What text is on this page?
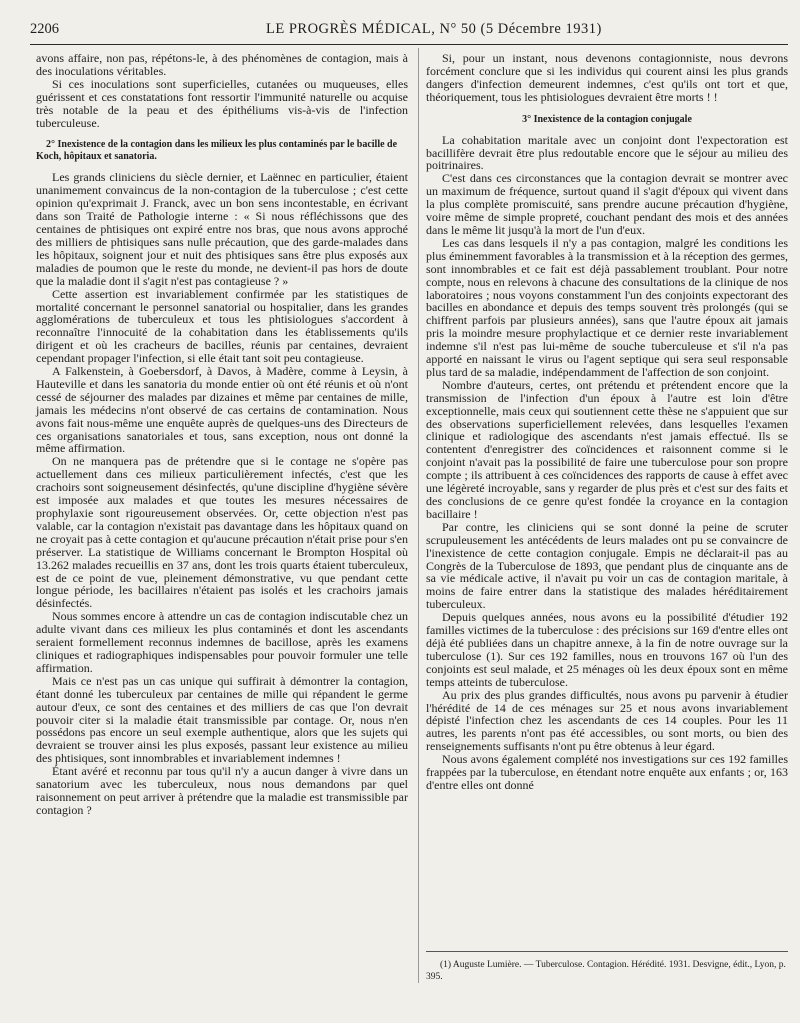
2206	LE PROGRÈS MÉDICAL, N° 50 (5 Décembre 1931)

avons affaire, non pas, répétons-le, à des phénomènes de contagion, mais à des inoculations véritables.

Si ces inoculations sont superficielles, cutanées ou muqueuses, elles guérissent et ces constatations font ressortir l'immunité naturelle ou acquise très notable de la peau et des épithéliums vis-à-vis de l'infection tuberculeuse.

2° Inexistence de la contagion dans les milieux les plus contaminés par le bacille de Koch, hôpitaux et sanatoria.

Les grands cliniciens du siècle dernier, et Laënnec en particulier, étaient unanimement convaincus de la non-contagion de la tuberculose ; c'est cette opinion qu'exprimait J. Franck, avec un bon sens incontestable, en écrivant dans son Traité de Pathologie interne : « Si nous réfléchissons que des centaines de phtisiques ont expiré entre nos bras, que nous avons approché des milliers de phtisiques sans nulle précaution, que des garde-malades dans les hôpitaux, soignent jour et nuit des phtisiques sans être plus exposés aux maladies de poumon que le reste du monde, ne devient-il pas hors de doute que la maladie dont il s'agit n'est pas contagieuse ? »

Cette assertion est invariablement confirmée par les statistiques de mortalité concernant le personnel sanatorial ou hospitalier, dans les grandes agglomérations de tuberculeux et tous les phtisiologues s'accordent à reconnaître l'innocuité de la cohabitation dans les établissements qu'ils dirigent et où les cracheurs de bacilles, réunis par centaines, devraient cependant propager l'infection, si elle était tant soit peu contagieuse.

A Falkenstein, à Goebersdorf, à Davos, à Madère, comme à Leysin, à Hauteville et dans les sanatoria du monde entier où ont été réunis et où n'ont cessé de séjourner des malades par dizaines et même par centaines de mille, jamais les médecins n'ont observé de cas certains de contamination. Nous avons fait nous-même une enquête auprès de quelques-uns des Directeurs de ces organisations sanatoriales et tous, sans exception, nous ont donné la même affirmation.

On ne manquera pas de prétendre que si le contage ne s'opère pas actuellement dans ces milieux particulièrement infectés, c'est que les crachoirs sont soigneusement désinfectés, qu'une discipline d'hygiène sévère est imposée aux malades et que toutes les mesures nécessaires de prophylaxie sont rigoureusement observées. Or, cette objection n'est pas valable, car la contagion n'existait pas davantage dans les hôpitaux quand on ne croyait pas à cette contagion et qu'aucune précaution n'était prise pour s'en préserver. La statistique de Williams concernant le Brompton Hospital où 13.262 malades recueillis en 37 ans, dont les trois quarts étaient tuberculeux, est de ce point de vue, pleinement démonstrative, vu que pendant cette longue période, les bacillaires n'étaient pas isolés et les crachoirs jamais désinfectés.

Nous sommes encore à attendre un cas de contagion indiscutable chez un adulte vivant dans ces milieux les plus contaminés et dont les ascendants seraient formellement reconnus indemnes de bacillose, après les examens cliniques et radiographiques indispensables pour pouvoir formuler une telle affirmation.

Mais ce n'est pas un cas unique qui suffirait à démontrer la contagion, étant donné les tuberculeux par centaines de mille qui répandent le germe autour d'eux, ce sont des centaines et des milliers de cas que l'on devrait pouvoir citer si la maladie était transmissible par contage. Or, nous n'en possédons pas encore un seul exemple authentique, alors que les sujets qui devraient se trouver ainsi les plus exposés, passant leur existence au milieu des phtisiques, sont innombrables et invariablement indemnes !

Étant avéré et reconnu par tous qu'il n'y a aucun danger à vivre dans un sanatorium avec les tuberculeux, nous nous demandons par quel raisonnement on peut arriver à prétendre que la maladie est transmissible par contagion ?

Si, pour un instant, nous devenons contagionniste, nous devrons forcément conclure que si les individus qui courent ainsi les plus grands dangers d'infection demeurent indemnes, c'est qu'ils ont tort et que, théoriquement, tous les phtisiologues devraient être morts ! !

3° Inexistence de la contagion conjugale

La cohabitation maritale avec un conjoint dont l'expectoration est bacillifère devrait être plus redoutable encore que le séjour au milieu des poitrinaires.

C'est dans ces circonstances que la contagion devrait se montrer avec un maximum de fréquence, surtout quand il s'agit d'époux qui vivent dans la plus complète promiscuité, sans prendre aucune précaution d'hygiène, voire même de simple propreté, couchant pendant des mois et des années dans le même lit jusqu'à la mort de l'un d'eux.

Les cas dans lesquels il n'y a pas contagion, malgré les conditions les plus éminemment favorables à la transmission et à la réception des germes, sont innombrables et ce fait est déjà passablement troublant. Pour notre compte, nous en relevons à chacune des consultations de la clinique de nos laboratoires ; nous voyons constamment l'un des conjoints expectorant des bacilles en abondance et depuis des temps souvent très prolongés (qui se chiffrent parfois par plusieurs années), sans que l'autre époux ait jamais pris la moindre mesure prophylactique et ce dernier reste invariablement indemne s'il n'est pas lui-même de souche tuberculeuse et s'il n'a pas apporté en naissant le virus ou l'agent septique qui sera seul responsable plus tard de sa maladie, indépendamment de l'affection de son conjoint.

Nombre d'auteurs, certes, ont prétendu et prétendent encore que la transmission de l'infection d'un époux à l'autre est loin d'être exceptionnelle, mais ceux qui soutiennent cette thèse ne s'appuient que sur des observations superficiellement relevées, dans lesquelles l'examen clinique et radiologique des ascendants n'est jamais effectué. Ils se contentent d'enregistrer des coïncidences et raisonnent comme si le conjoint n'avait pas la possibilité de faire une tuberculose pour son propre compte ; ils attribuent à ces coïncidences des rapports de cause à effet avec une légèreté incroyable, sans y regarder de plus près et c'est sur des faits et des conclusions de ce genre qu'est fondée la croyance en la contagion bacillaire !

Par contre, les cliniciens qui se sont donné la peine de scruter scrupuleusement les antécédents de leurs malades ont pu se convaincre de l'inexistence de cette contagion conjugale. Empis ne déclarait-il pas au Congrès de la Tuberculose de 1893, que pendant plus de cinquante ans de sa vie médicale active, il n'avait pu voir un cas de contagion maritale, à moins de faire entrer dans la statistique des malades héréditairement tuberculeux.

Depuis quelques années, nous avons eu la possibilité d'étudier 192 familles victimes de la tuberculose : des précisions sur 169 d'entre elles ont déjà été publiées dans un chapitre annexe, à la fin de notre ouvrage sur la tuberculose (1). Sur ces 192 familles, nous en trouvons 167 où l'un des conjoints est seul malade, et 25 ménages où les deux époux sont en même temps atteints de tuberculose.

Au prix des plus grandes difficultés, nous avons pu parvenir à étudier l'hérédité de 14 de ces ménages sur 25 et nous avons invariablement dépisté l'infection chez les ascendants de ces 14 couples. Pour les 11 autres, les parents n'ont pas été accessibles, ou sont morts, ou bien des renseignements suffisants n'ont pu être obtenus à leur égard.

Nous avons également complété nos investigations sur ces 192 familles frappées par la tuberculose, en étendant notre enquête aux enfants ; or, 163 d'entre elles ont donné

(1) Auguste Lumière. — Tuberculose. Contagion. Hérédité. 1931. Desvigne, édit., Lyon, p. 395.
